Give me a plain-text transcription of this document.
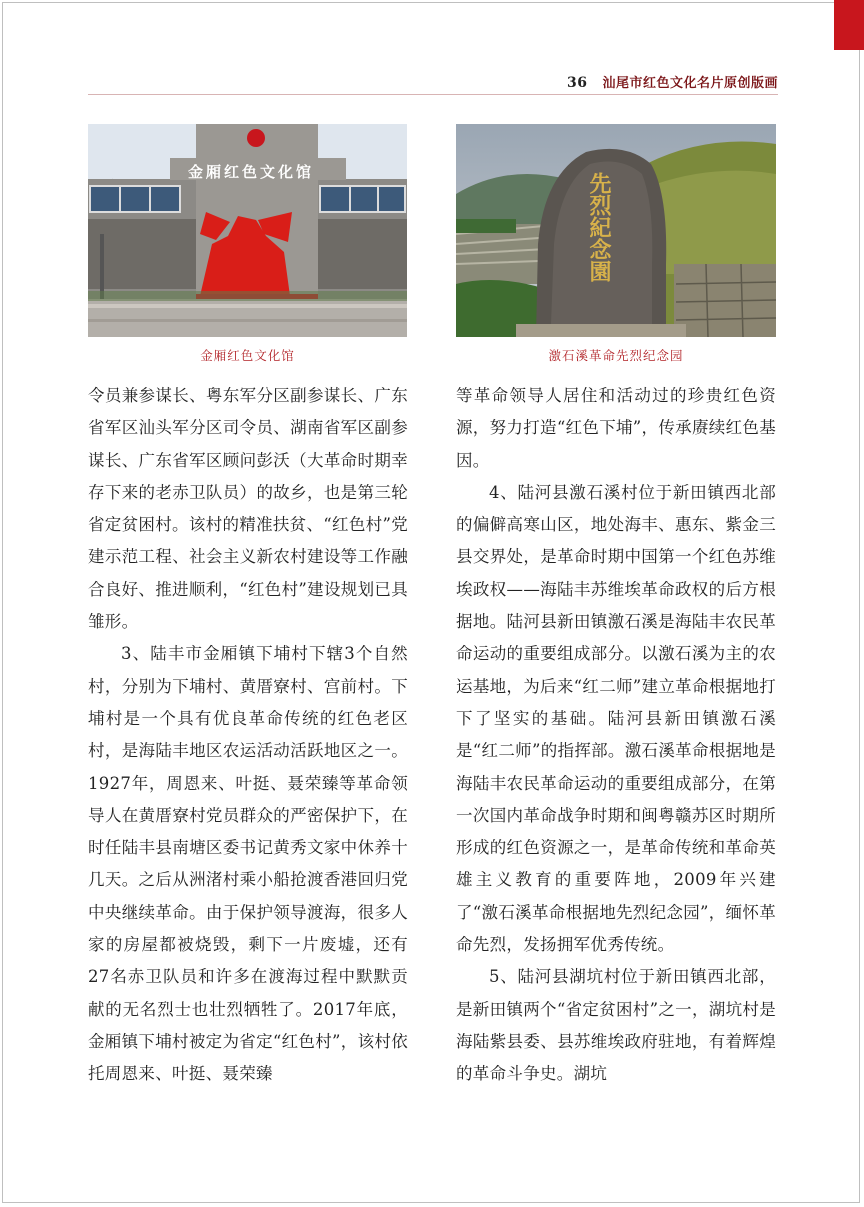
36 汕尾市红色文化名片原创版画
金厢红色文化馆	先烈紀念園
金厢红色文化馆	激石溪革命先烈纪念园

令员兼参谋长、粤东军分区副参谋长、广东省军区汕头军分区司令员、湖南省军区副参谋长、广东省军区顾问彭沃（大革命时期幸存下来的老赤卫队员）的故乡，也是第三轮省定贫困村。该村的精准扶贫、“红色村”党建示范工程、社会主义新农村建设等工作融合良好、推进顺利，“红色村”建设规划已具雏形。

3、陆丰市金厢镇下埔村下辖3个自然村，分别为下埔村、黄厝寮村、宫前村。下埔村是一个具有优良革命传统的红色老区村，是海陆丰地区农运活动活跃地区之一。1927年，周恩来、叶挺、聂荣臻等革命领导人在黄厝寮村党员群众的严密保护下，在时任陆丰县南塘区委书记黄秀文家中休养十几天。之后从洲渚村乘小船抢渡香港回归党中央继续革命。由于保护领导渡海，很多人家的房屋都被烧毁，剩下一片废墟，还有27名赤卫队员和许多在渡海过程中默默贡献的无名烈士也壮烈牺牲了。2017年底，金厢镇下埔村被定为省定“红色村”，该村依托周恩来、叶挺、聂荣臻

等革命领导人居住和活动过的珍贵红色资源，努力打造“红色下埔”，传承赓续红色基因。

4、陆河县激石溪村位于新田镇西北部的偏僻高寒山区，地处海丰、惠东、紫金三县交界处，是革命时期中国第一个红色苏维埃政权——海陆丰苏维埃革命政权的后方根据地。陆河县新田镇激石溪是海陆丰农民革命运动的重要组成部分。以激石溪为主的农运基地，为后来“红二师”建立革命根据地打下了坚实的基础。陆河县新田镇激石溪是“红二师”的指挥部。激石溪革命根据地是海陆丰农民革命运动的重要组成部分，在第一次国内革命战争时期和闽粤赣苏区时期所形成的红色资源之一，是革命传统和革命英雄主义教育的重要阵地，2009年兴建了“激石溪革命根据地先烈纪念园”，缅怀革命先烈，发扬拥军优秀传统。

5、陆河县湖坑村位于新田镇西北部，是新田镇两个“省定贫困村”之一，湖坑村是海陆紫县委、县苏维埃政府驻地，有着辉煌的革命斗争史。湖坑
